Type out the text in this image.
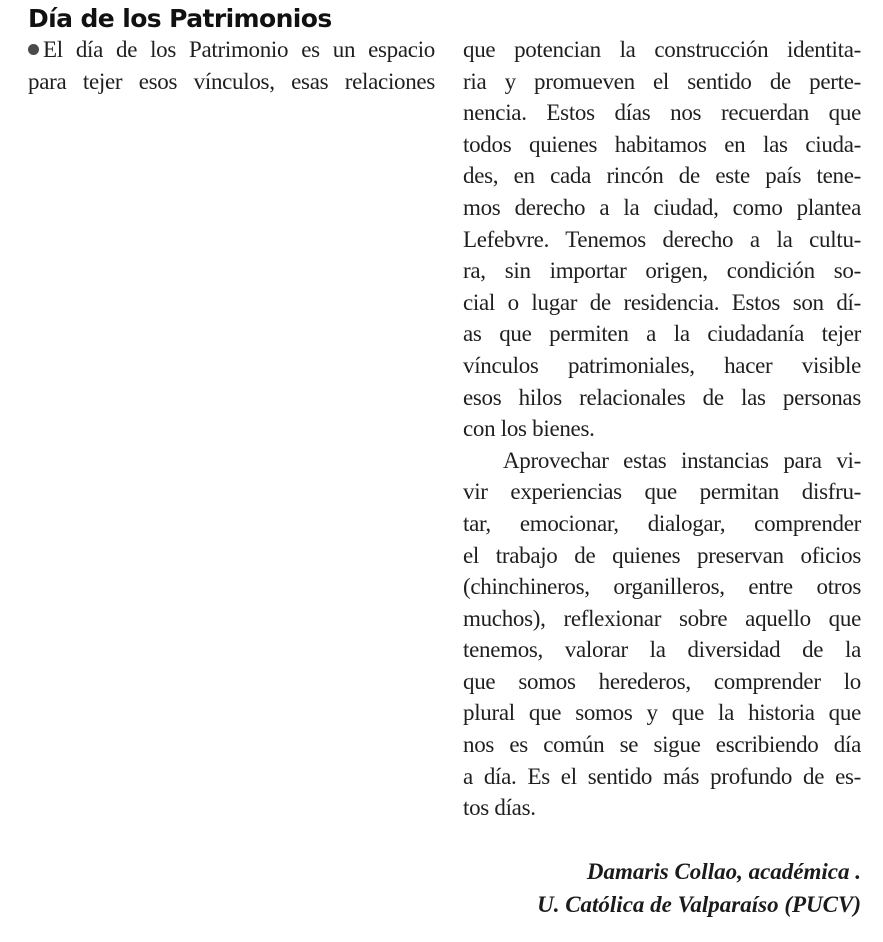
Día de los Patrimonios
El día de los Patrimonio es un espacio
para tejer esos vínculos, esas relaciones
que potencian la construcción identita-
ria y promueven el sentido de perte-
nencia. Estos días nos recuerdan que
todos quienes habitamos en las ciuda-
des, en cada rincón de este país tene-
mos derecho a la ciudad, como plantea
Lefebvre. Tenemos derecho a la cultu-
ra, sin importar origen, condición so-
cial o lugar de residencia. Estos son dí-
as que permiten a la ciudadanía tejer
vínculos patrimoniales, hacer visible
esos hilos relacionales de las personas
con los bienes.
Aprovechar estas instancias para vi-
vir experiencias que permitan disfru-
tar, emocionar, dialogar, comprender
el trabajo de quienes preservan oficios
(chinchineros, organilleros, entre otros
muchos), reflexionar sobre aquello que
tenemos, valorar la diversidad de la
que somos herederos, comprender lo
plural que somos y que la historia que
nos es común se sigue escribiendo día
a día. Es el sentido más profundo de es-
tos días.
Damaris Collao, académica .
U. Católica de Valparaíso (PUCV)
